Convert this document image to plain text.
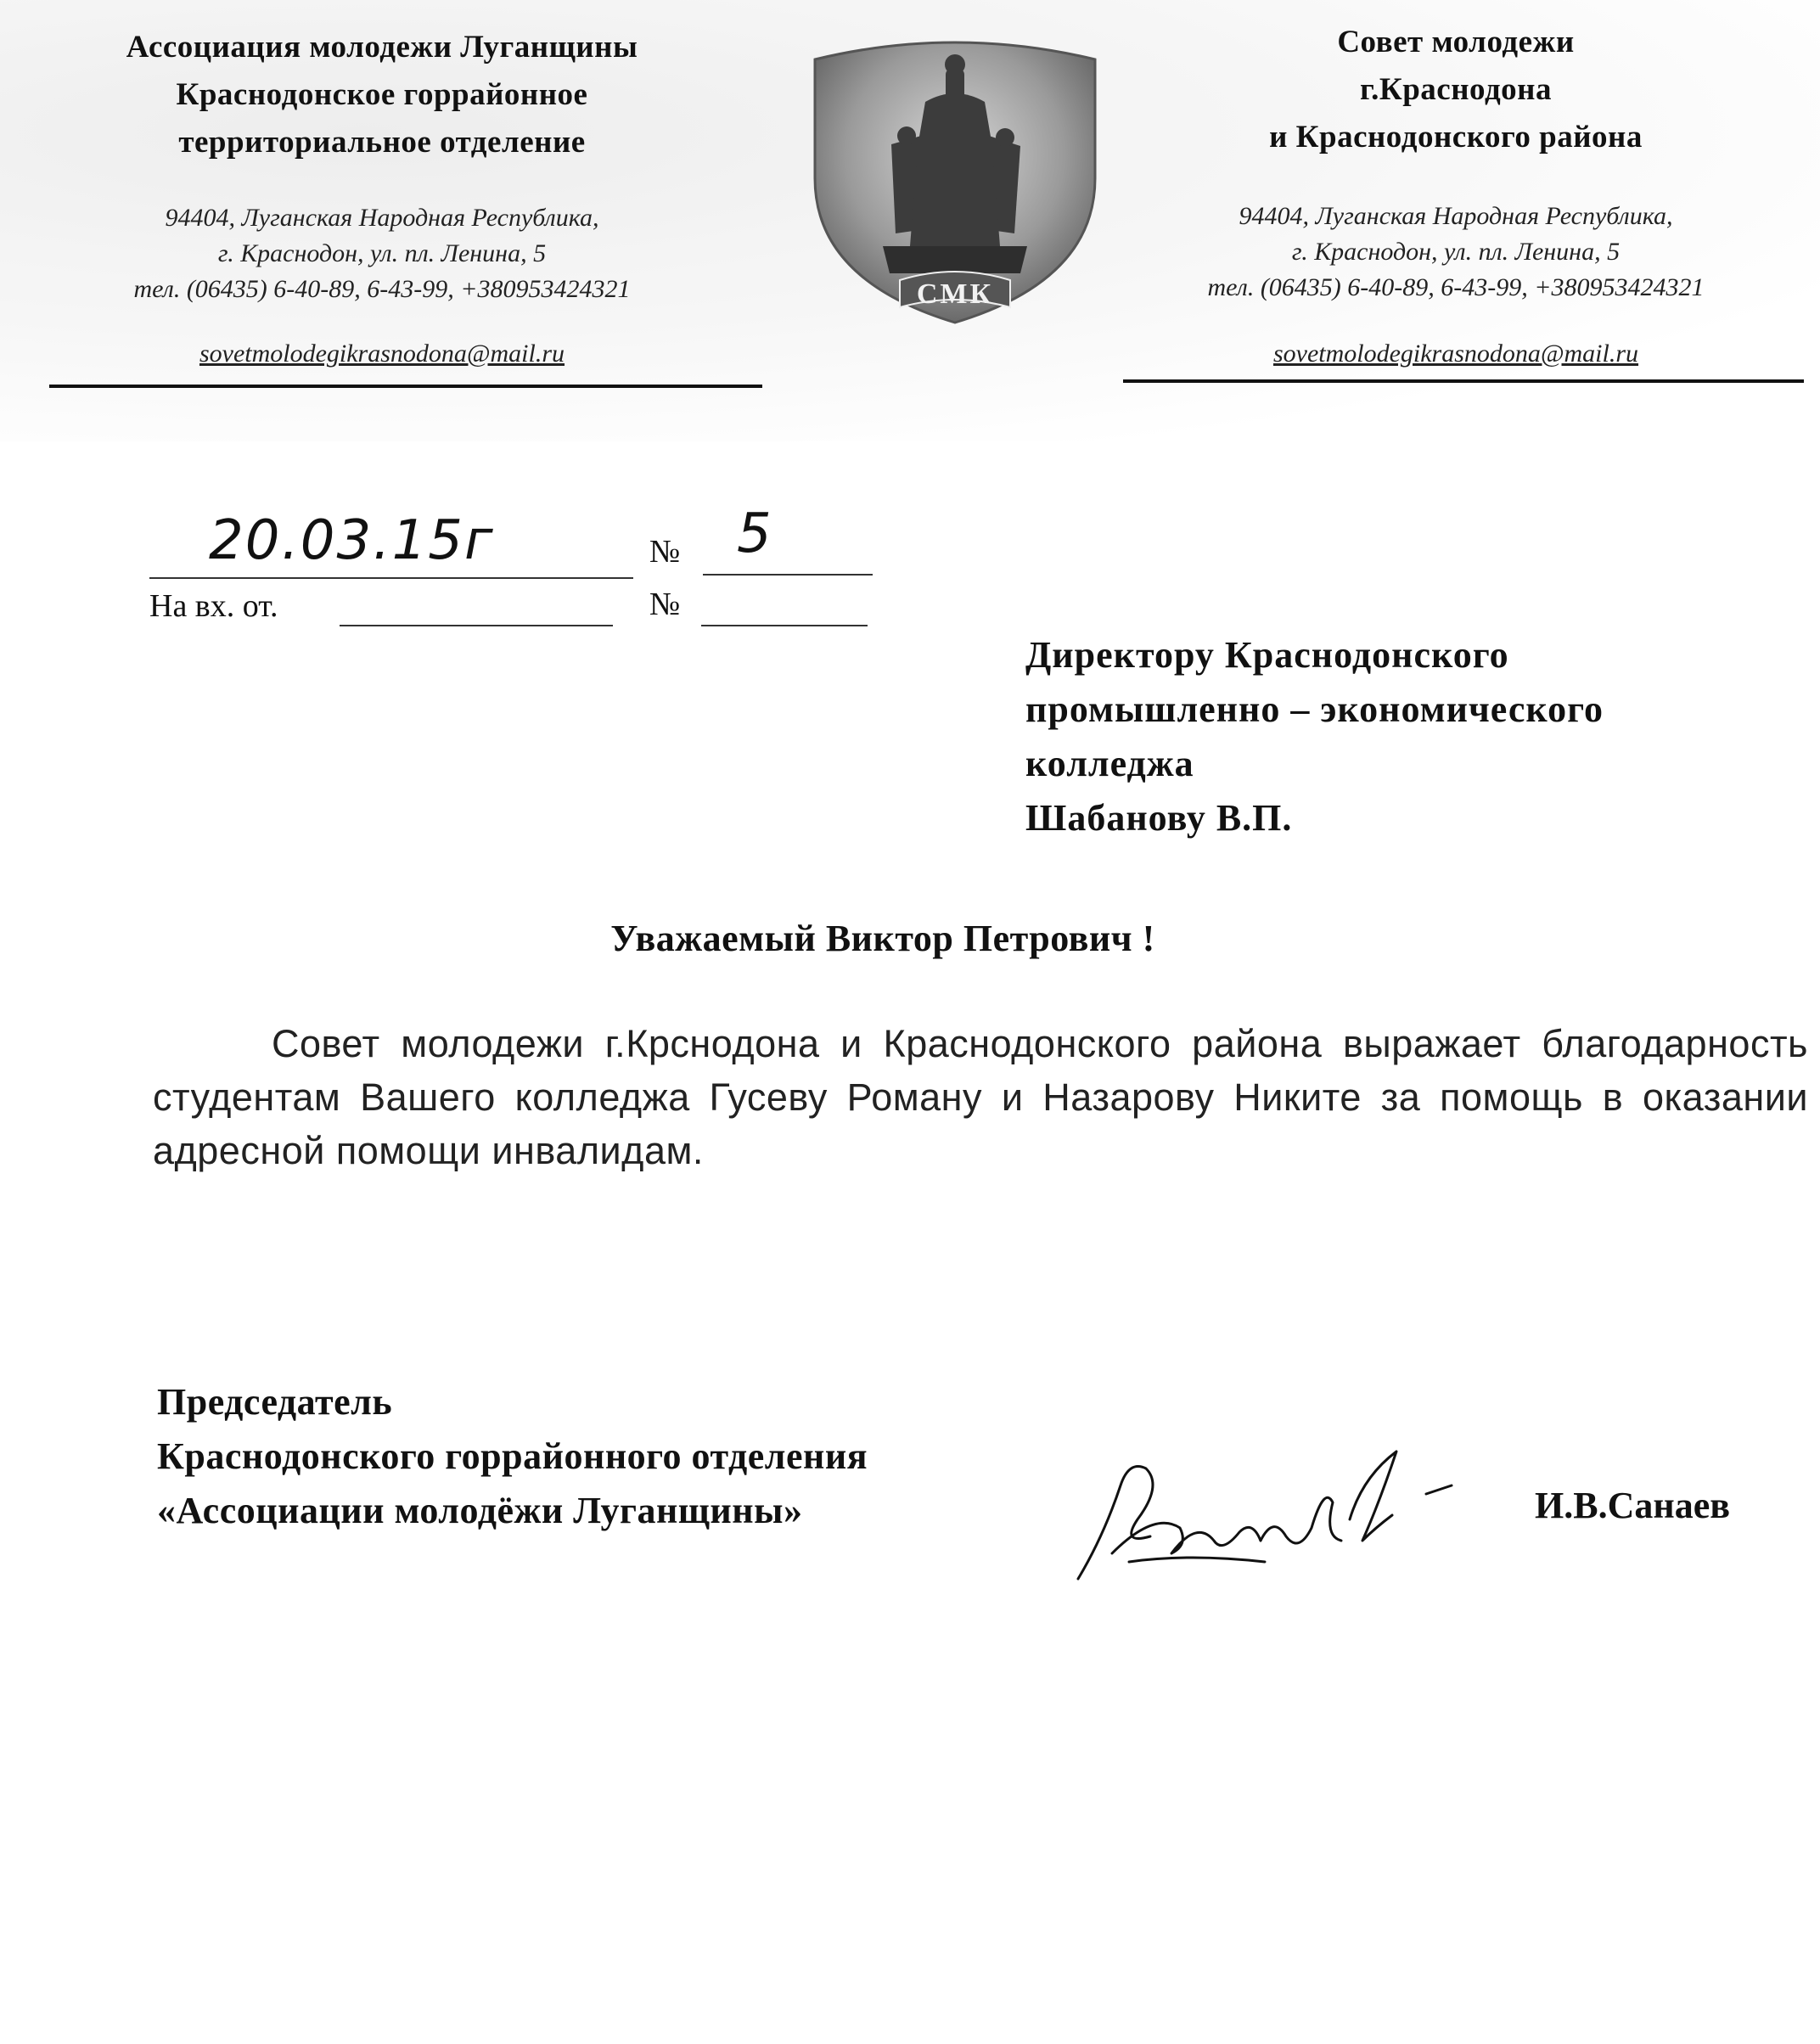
Ассоциация молодежи Луганщины
Краснодонское горрайонное
территориальное отделение
94404, Луганская Народная Республика,
г. Краснодон, ул. пл. Ленина, 5
тел. (06435) 6-40-89, 6-43-99, +380953424321
sovetmolodegikrasnodona@mail.ru
СМК
Совет молодежи
г.Краснодона
и Краснодонского района
94404, Луганская Народная Республика,
г. Краснодон, ул. пл. Ленина, 5
тел. (06435) 6-40-89, 6-43-99, +380953424321
sovetmolodegikrasnodona@mail.ru
20.03.15г	№ 5
На вх. от.	№
Директору Краснодонского
промышленно – экономического
колледжа
Шабанову В.П.
Уважаемый Виктор Петрович !
Совет молодежи г.Крснодона и Краснодонского района выражает благодарность студентам Вашего колледжа Гусеву Роману и Назарову Никите за помощь в оказании адресной помощи инвалидам.
Председатель
Краснодонского горрайонного отделения
«Ассоциации молодёжи Луганщины»	И.В.Санаев
